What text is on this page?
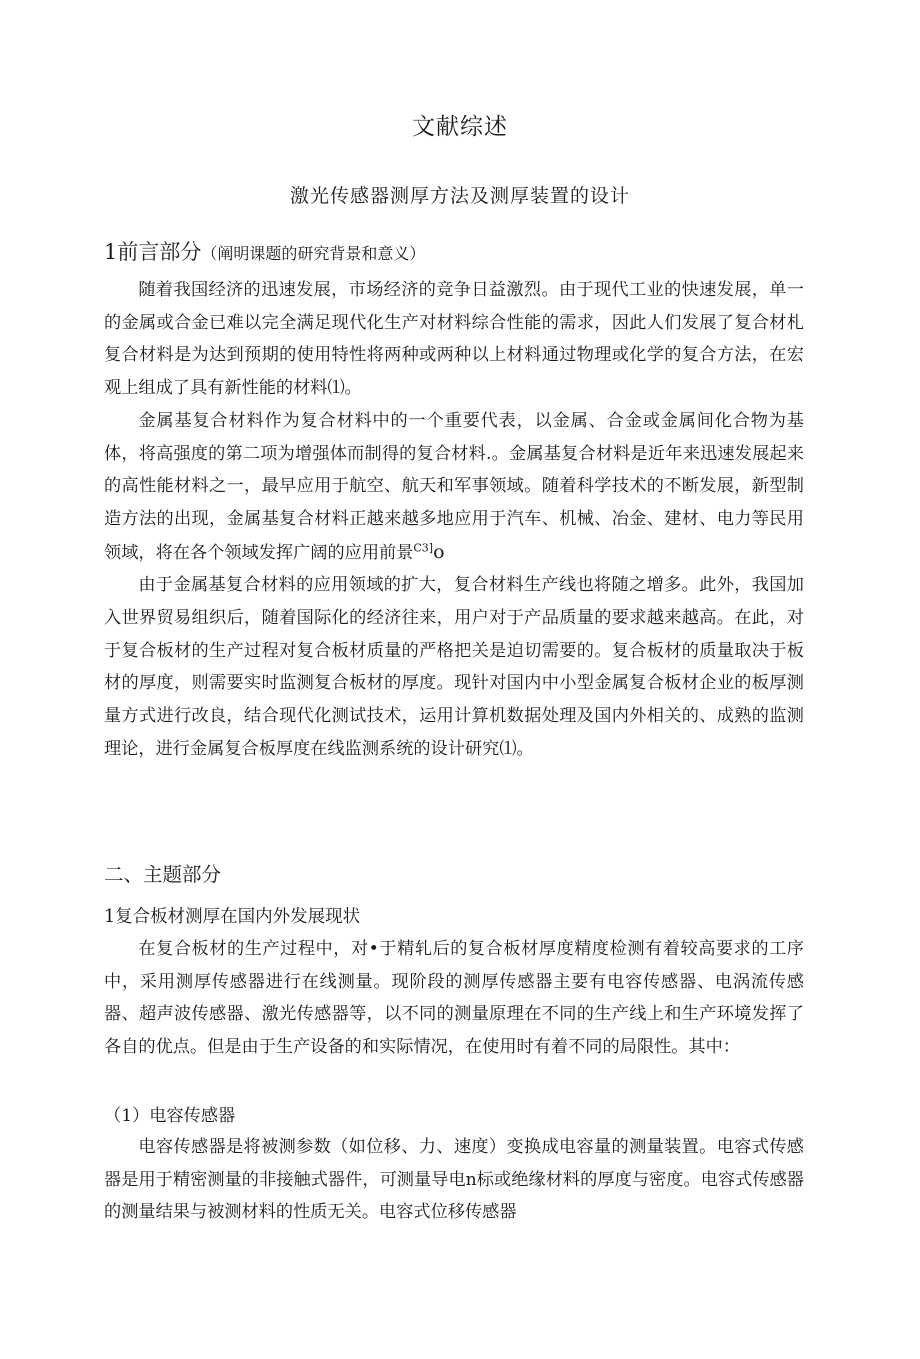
文献综述
激光传感器测厚方法及测厚装置的设计
1前言部分（阐明课题的研究背景和意义）

随着我国经济的迅速发展，市场经济的竞争日益激烈。由于现代工业的快速发展，单一的金属或合金已难以完全满足现代化生产对材料综合性能的需求，因此人们发展了复合材札复合材料是为达到预期的使用特性将两种或两种以上材料通过物理或化学的复合方法，在宏观上组成了具有新性能的材料⑴。

金属基复合材料作为复合材料中的一个重要代表，以金属、合金或金属间化合物为基体，将高强度的第二项为增强体而制得的复合材料.。金属基复合材料是近年来迅速发展起来的高性能材料之一，最早应用于航空、航天和军事领域。随着科学技术的不断发展，新型制造方法的出现，金属基复合材料正越来越多地应用于汽车、机械、冶金、建材、电力等民用领域，将在各个领域发挥广阔的应用前景$^{C3]}$o

由于金属基复合材料的应用领域的扩大，复合材料生产线也将随之增多。此外，我国加入世界贸易组织后，随着国际化的经济往来，用户对于产品质量的要求越来越高。在此，对于复合板材的生产过程对复合板材质量的严格把关是迫切需要的。复合板材的质量取决于板材的厚度，则需要实时监测复合板材的厚度。现针对国内中小型金属复合板材企业的板厚测量方式进行改良，结合现代化测试技术，运用计算机数据处理及国内外相关的、成熟的监测理论，进行金属复合板厚度在线监测系统的设计研究⑴。

二、主题部分
1复合板材测厚在国内外发展现状

在复合板材的生产过程中，对•于精轧后的复合板材厚度精度检测有着较高要求的工序中，采用测厚传感器进行在线测量。现阶段的测厚传感器主要有电容传感器、电涡流传感器、超声波传感器、激光传感器等，以不同的测量原理在不同的生产线上和生产环境发挥了各自的优点。但是由于生产设备的和实际情况，在使用时有着不同的局限性。其中：

（1）电容传感器

电容传感器是将被测参数（如位移、力、速度）变换成电容量的测量装置。电容式传感器是用于精密测量的非接触式器件，可测量导电n标或绝缘材料的厚度与密度。电容式传感器的测量结果与被测材料的性质无关。电容式位移传感器
